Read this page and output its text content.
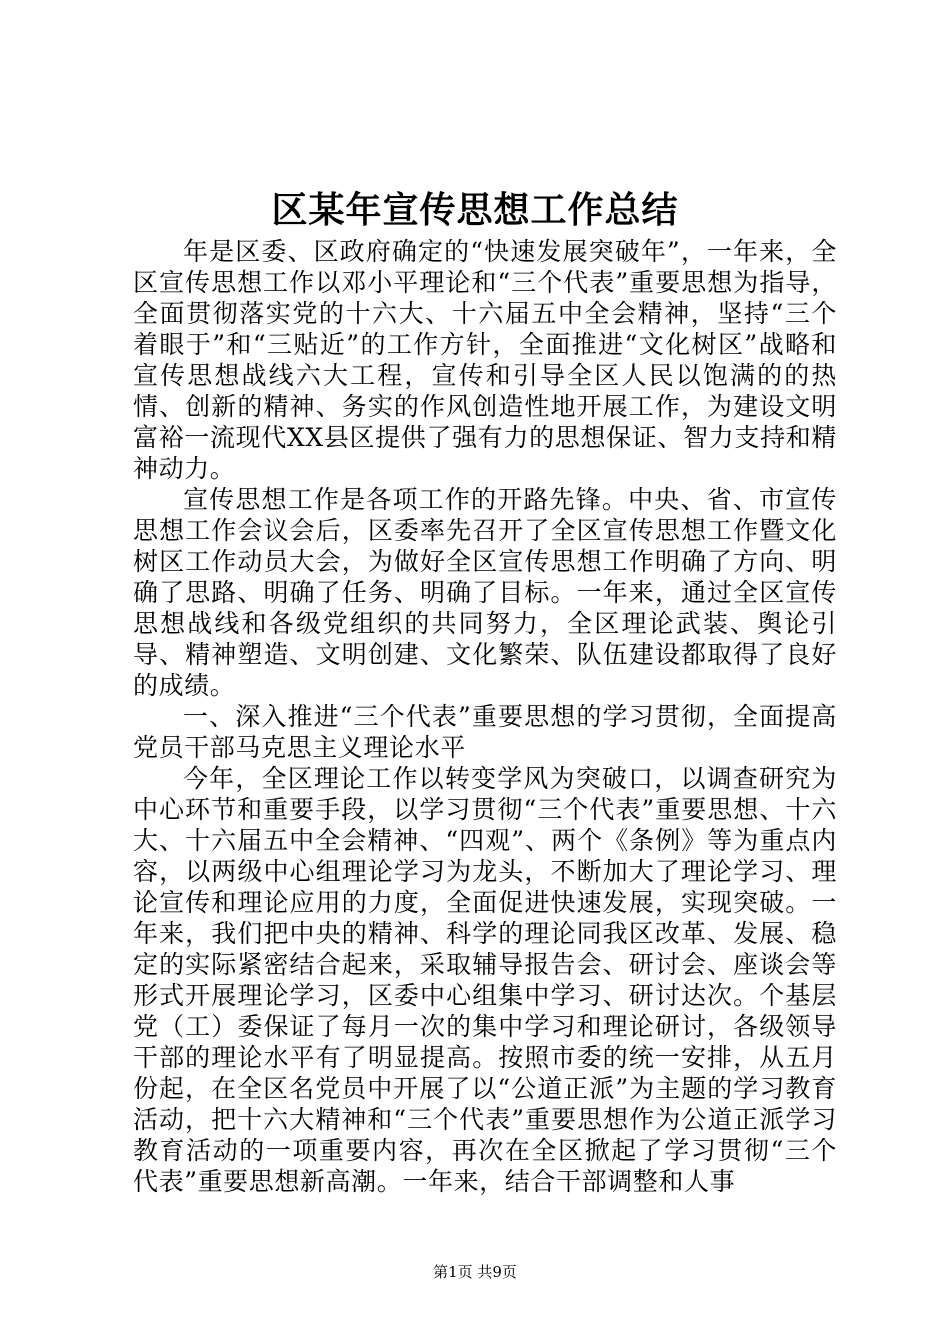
区某年宣传思想工作总结

年是区委、区政府确定的“快速发展突破年”，一年来，全区宣传思想工作以邓小平理论和“三个代表”重要思想为指导，全面贯彻落实党的十六大、十六届五中全会精神，坚持“三个着眼于”和“三贴近”的工作方针，全面推进“文化树区”战略和宣传思想战线六大工程，宣传和引导全区人民以饱满的的热情、创新的精神、务实的作风创造性地开展工作，为建设文明富裕一流现代XX县区提供了强有力的思想保证、智力支持和精神动力。

宣传思想工作是各项工作的开路先锋。中央、省、市宣传思想工作会议会后，区委率先召开了全区宣传思想工作暨文化树区工作动员大会，为做好全区宣传思想工作明确了方向、明确了思路、明确了任务、明确了目标。一年来，通过全区宣传思想战线和各级党组织的共同努力，全区理论武装、舆论引导、精神塑造、文明创建、文化繁荣、队伍建设都取得了良好的成绩。

一、深入推进“三个代表”重要思想的学习贯彻，全面提高党员干部马克思主义理论水平

今年，全区理论工作以转变学风为突破口，以调查研究为中心环节和重要手段，以学习贯彻“三个代表”重要思想、十六大、十六届五中全会精神、“四观”、两个《条例》等为重点内容，以两级中心组理论学习为龙头，不断加大了理论学习、理论宣传和理论应用的力度，全面促进快速发展，实现突破。一年来，我们把中央的精神、科学的理论同我区改革、发展、稳定的实际紧密结合起来，采取辅导报告会、研讨会、座谈会等形式开展理论学习，区委中心组集中学习、研讨达次。个基层党（工）委保证了每月一次的集中学习和理论研讨，各级领导干部的理论水平有了明显提高。按照市委的统一安排，从五月份起，在全区名党员中开展了以“公道正派”为主题的学习教育活动，把十六大精神和“三个代表”重要思想作为公道正派学习教育活动的一项重要内容，再次在全区掀起了学习贯彻“三个代表”重要思想新高潮。一年来，结合干部调整和人事

第1页 共9页
